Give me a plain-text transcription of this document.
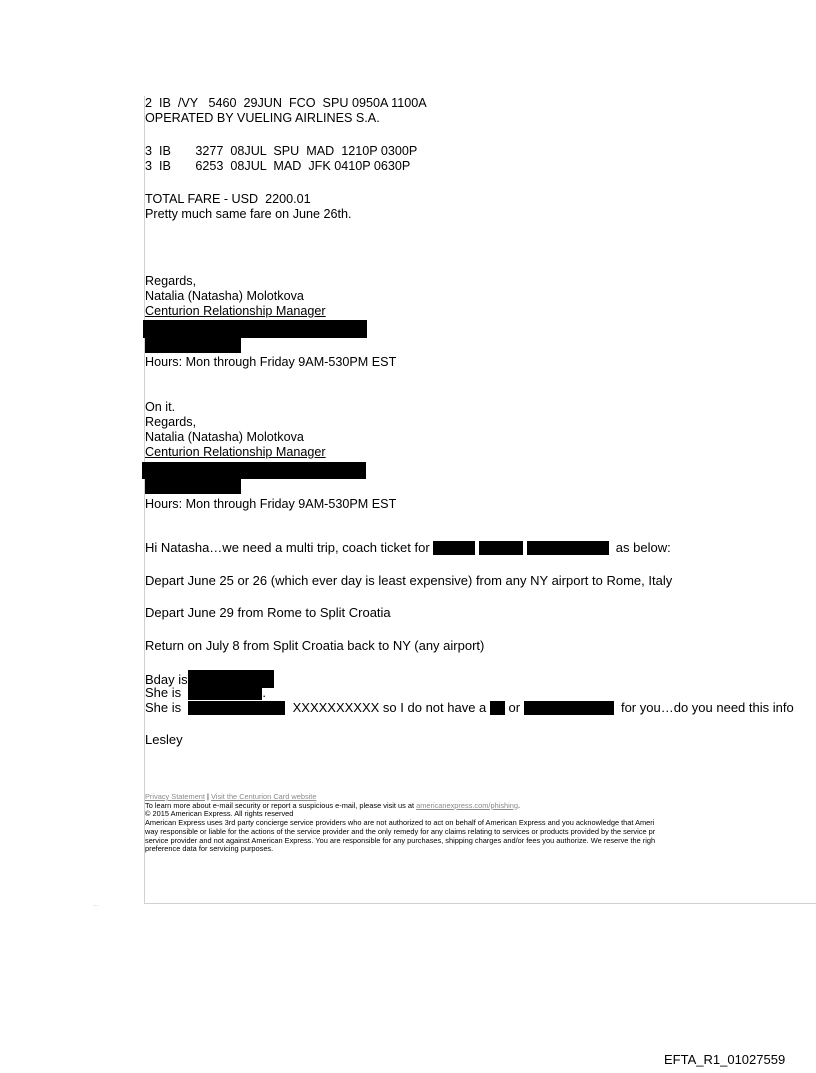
.....
2  IB  /VY   5460  29JUN  FCO  SPU 0950A 1100A
OPERATED BY VUELING AIRLINES S.A.
3  IB       3277  08JUL  SPU  MAD  1210P 0300P
3  IB       6253  08JUL  MAD  JFK 0410P 0630P
TOTAL FARE - USD  2200.01
Pretty much same fare on June 26th.
Regards,
Natalia (Natasha) Molotkova
Centurion Relationship Manager
Hours: Mon through Friday 9AM-530PM EST
On it.
Regards,
Natalia (Natasha) Molotkova
Centurion Relationship Manager
Hours: Mon through Friday 9AM-530PM EST
Hi Natasha…we need a multi trip, coach ticket for	as below:
Depart June 25 or 26 (which ever day is least expensive) from any NY airport to Rome, Italy
Depart June 29 from Rome to Split Croatia
Return on July 8 from Split Croatia back to NY (any airport)
Bday is
She is	.
She is	XXXXXXXXXX so I do not have a or	for you…do you need this info
Lesley
Privacy Statement | Visit the Centurion Card website
To learn more about e-mail security or report a suspicious e-mail, please visit us at americanexpress.com/phishing.
© 2015 American Express. All rights reserved
American Express uses 3rd party concierge service providers who are not authorized to act on behalf of American Express and you acknowledge that Ameri
way responsible or liable for the actions of the service provider and the only remedy for any claims relating to services or products provided by the service pr
service provider and not against American Express. You are responsible for any purchases, shipping charges and/or fees you authorize. We reserve the righ
preference data for servicing purposes.
EFTA_R1_01027559
